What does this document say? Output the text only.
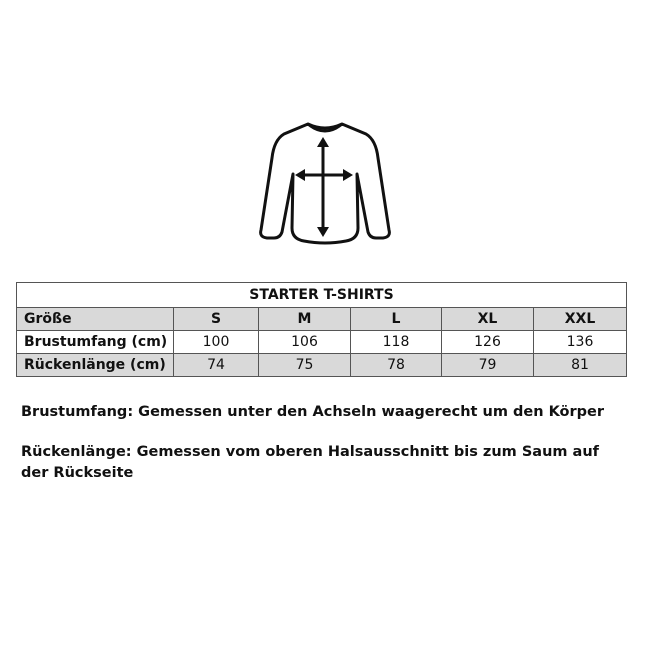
STARTER T-SHIRTS					
Größe	S	M	L	XL	XXL
Brustumfang (cm)	100	106	118	126	136
Rückenlänge (cm)	74	75	78	79	81
Brustumfang: Gemessen unter den Achseln waagerecht um den Körper
Rückenlänge: Gemessen vom oberen Halsausschnitt bis zum Saum auf der Rückseite
